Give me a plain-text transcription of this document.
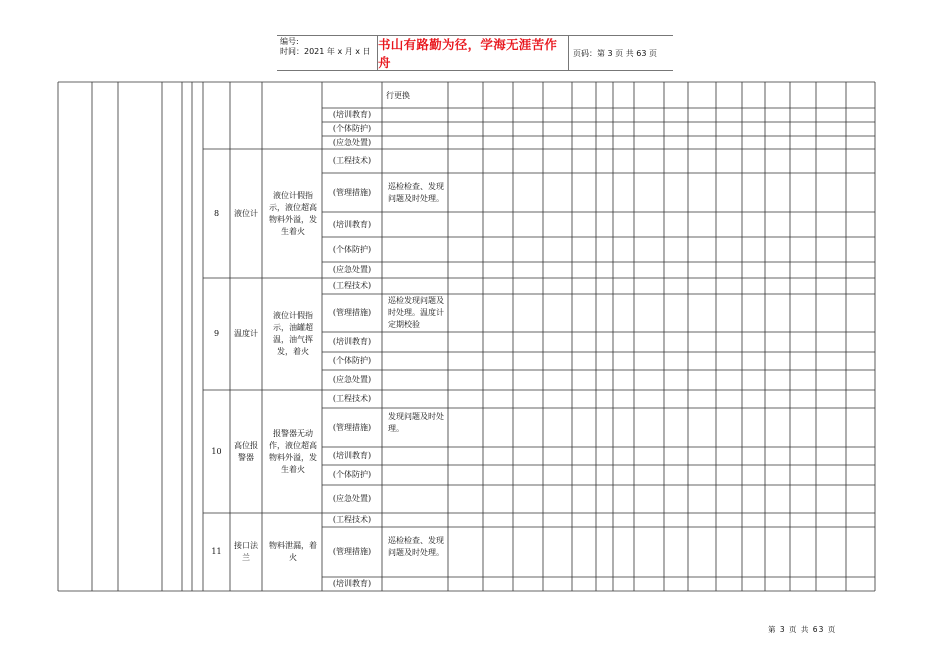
编号:
时间：2021 年 x 月 x 日 书山有路勤为径，学海无涯苦作舟
页码：第 3 页 共 63 页
行更换
(培训教育)
(个体防护)
(应急处置)
8	液位计
液位计假指示，液位超高物料外溢，发生着火
(工程技术)
(管理措施)
巡检检查、发现问题及时处理。
(培训教育)
(个体防护)
(应急处置)
9	温度计
液位计假指示，油罐超温，油气挥发，着火
(工程技术)
(管理措施)
巡检发现问题及时处理。温度计定期校验
(培训教育)
(个体防护)
(应急处置)
10
高位报警器
报警器无动作，液位超高物料外溢，发生着火
(工程技术)
(管理措施)
发现问题及时处理。
(培训教育)
(个体防护)
(应急处置)
11
接口法兰
物料泄漏，着火
(工程技术)
(管理措施)
巡检检查、发现问题及时处理。
(培训教育)
第 3 页 共 63 页
